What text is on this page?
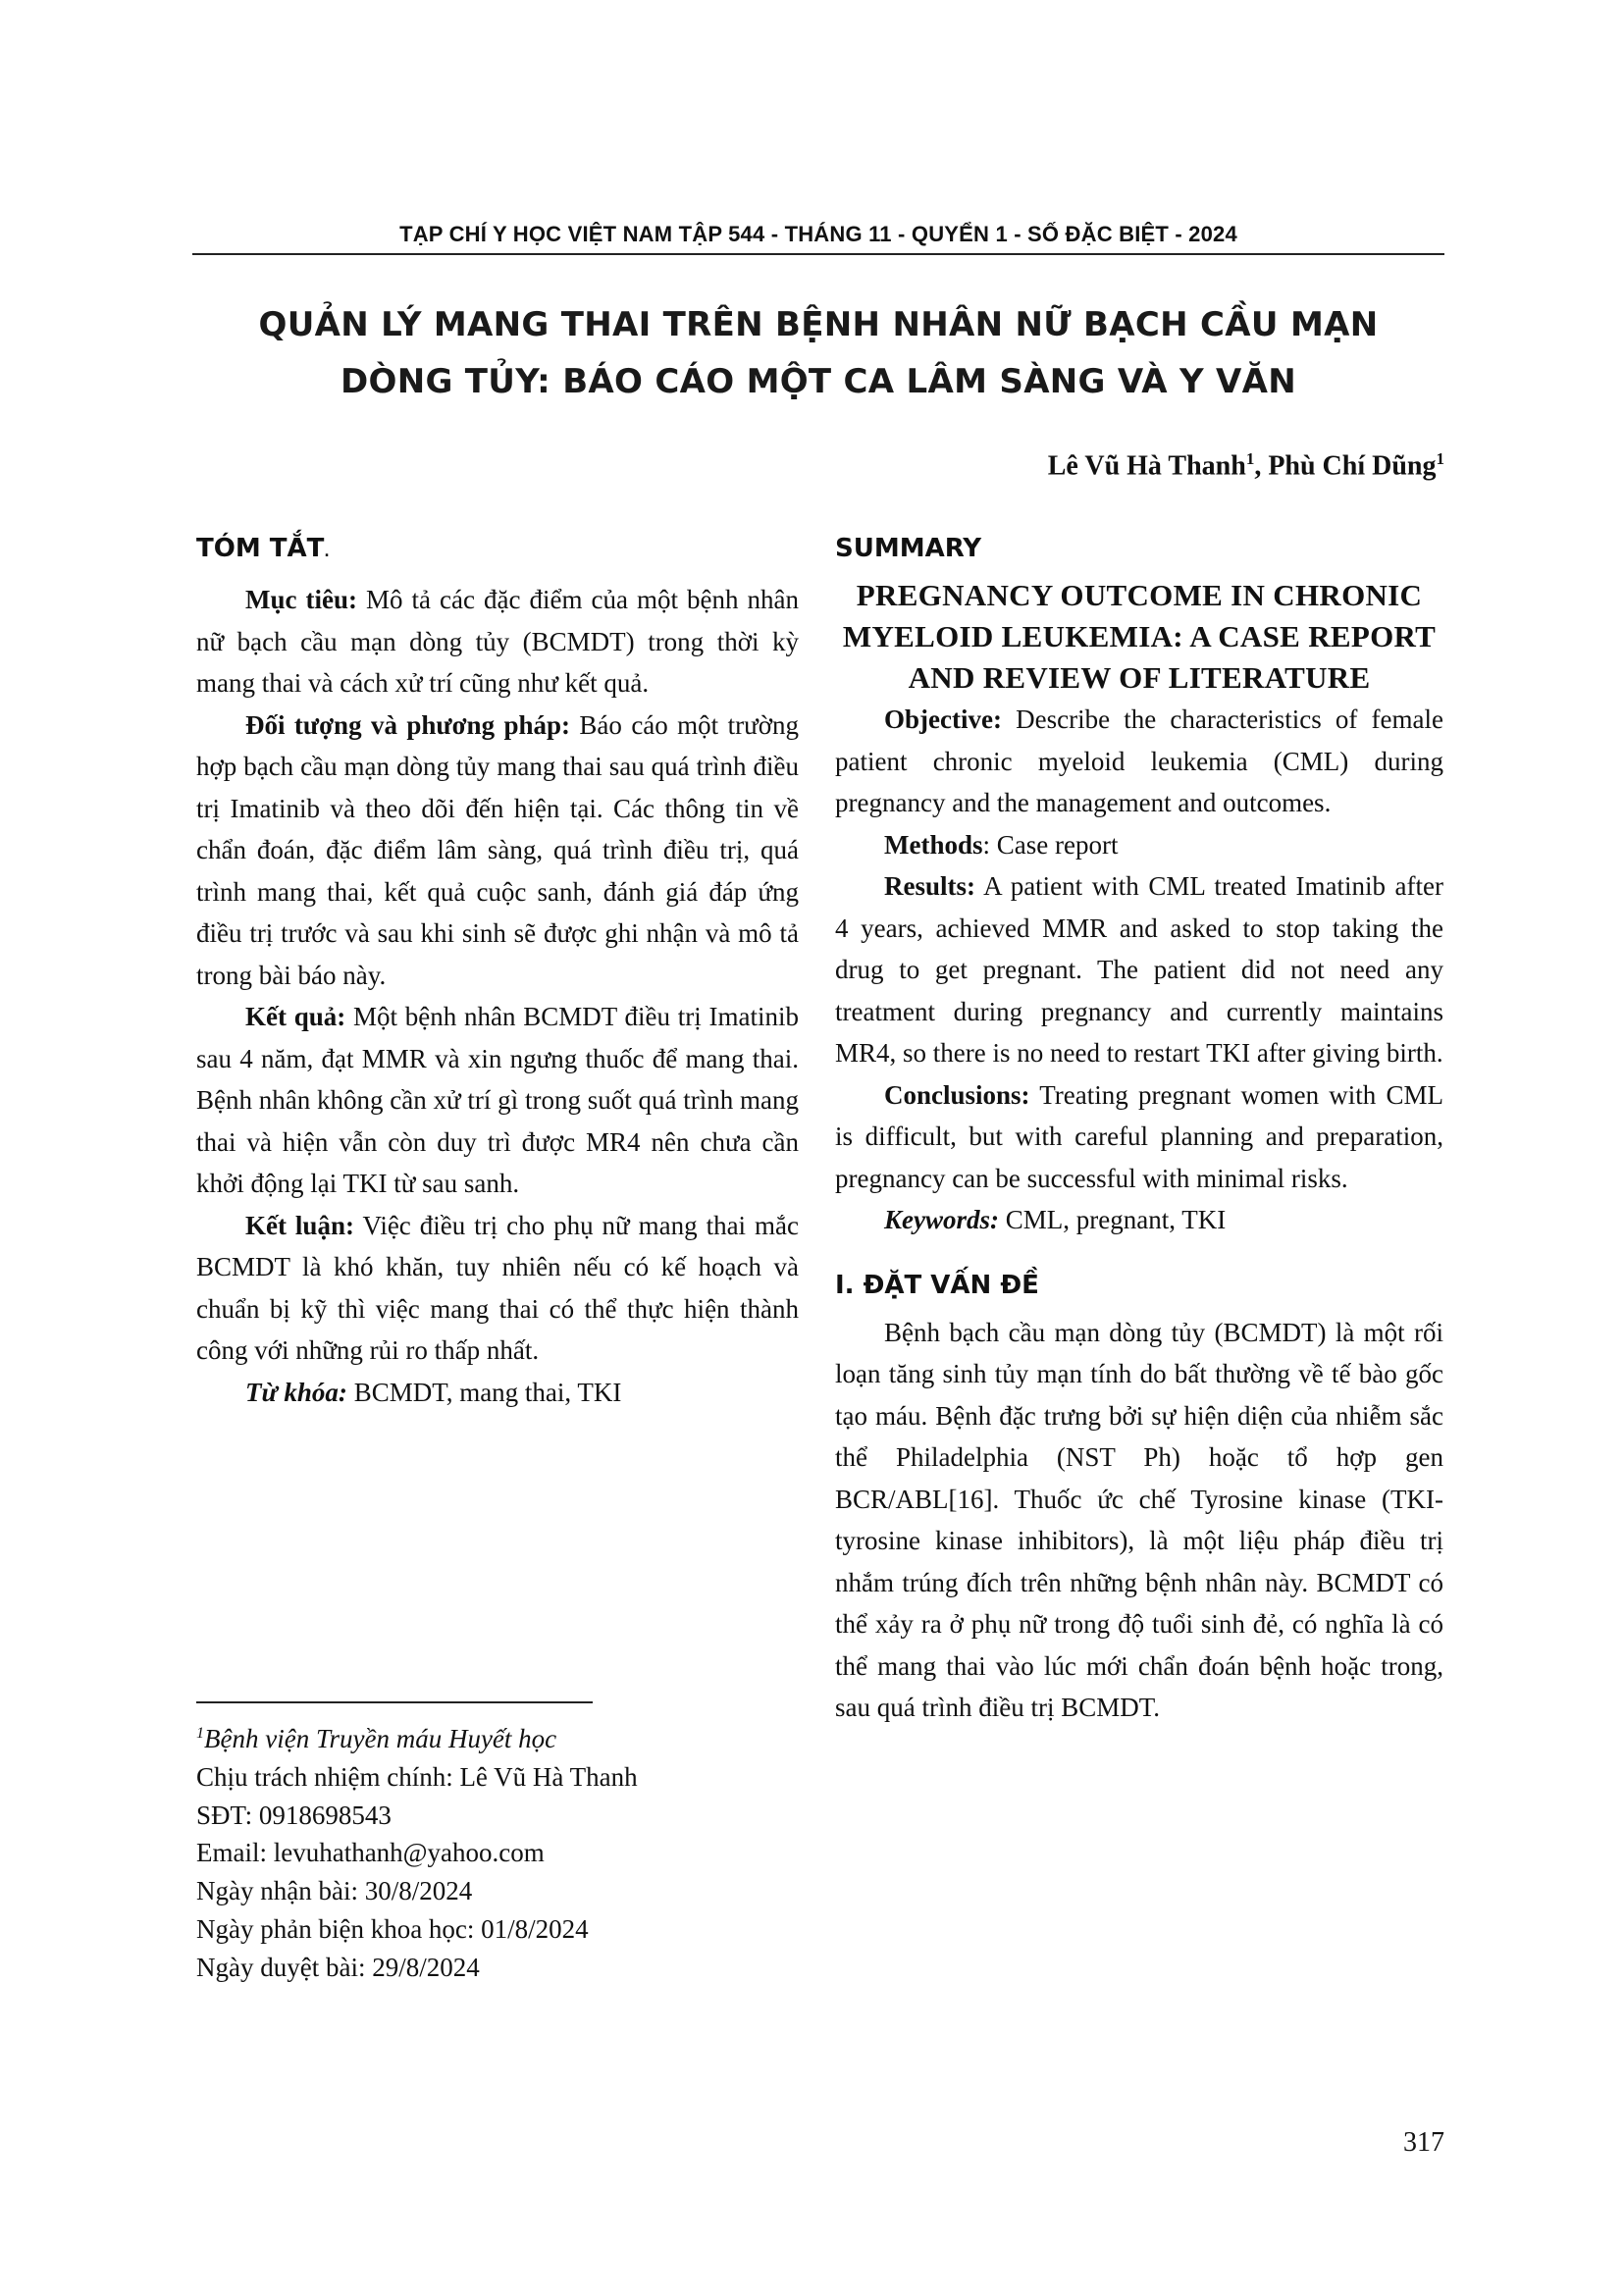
TẠP CHÍ Y HỌC VIỆT NAM TẬP 544 - THÁNG 11 - QUYỂN 1 - SỐ ĐẶC BIỆT - 2024
QUẢN LÝ MANG THAI TRÊN BỆNH NHÂN NỮ BẠCH CẦU MẠN
DÒNG TỦY: BÁO CÁO MỘT CA LÂM SÀNG VÀ Y VĂN
Lê Vũ Hà Thanh$^1$, Phù Chí Dũng$^1$
TÓM TẮT.

Mục tiêu: Mô tả các đặc điểm của một bệnh nhân nữ bạch cầu mạn dòng tủy (BCMDT) trong thời kỳ mang thai và cách xử trí cũng như kết quả.

Đối tượng và phương pháp: Báo cáo một trường hợp bạch cầu mạn dòng tủy mang thai sau quá trình điều trị Imatinib và theo dõi đến hiện tại. Các thông tin về chẩn đoán, đặc điểm lâm sàng, quá trình điều trị, quá trình mang thai, kết quả cuộc sanh, đánh giá đáp ứng điều trị trước và sau khi sinh sẽ được ghi nhận và mô tả trong bài báo này.

Kết quả: Một bệnh nhân BCMDT điều trị Imatinib sau 4 năm, đạt MMR và xin ngưng thuốc để mang thai. Bệnh nhân không cần xử trí gì trong suốt quá trình mang thai và hiện vẫn còn duy trì được MR4 nên chưa cần khởi động lại TKI từ sau sanh.

Kết luận: Việc điều trị cho phụ nữ mang thai mắc BCMDT là khó khăn, tuy nhiên nếu có kế hoạch và chuẩn bị kỹ thì việc mang thai có thể thực hiện thành công với những rủi ro thấp nhất.

Từ khóa: BCMDT, mang thai, TKI

$^1$Bệnh viện Truyền máu Huyết học
Chịu trách nhiệm chính: Lê Vũ Hà Thanh
SĐT: 0918698543
Email: levuhathanh@yahoo.com
Ngày nhận bài: 30/8/2024
Ngày phản biện khoa học: 01/8/2024
Ngày duyệt bài: 29/8/2024
SUMMARY
PREGNANCY OUTCOME IN CHRONIC MYELOID LEUKEMIA: A CASE REPORT AND REVIEW OF LITERATURE

Objective: Describe the characteristics of female patient chronic myeloid leukemia (CML) during pregnancy and the management and outcomes.

Methods: Case report

Results: A patient with CML treated Imatinib after 4 years, achieved MMR and asked to stop taking the drug to get pregnant. The patient did not need any treatment during pregnancy and currently maintains MR4, so there is no need to restart TKI after giving birth.

Conclusions: Treating pregnant women with CML is difficult, but with careful planning and preparation, pregnancy can be successful with minimal risks.

Keywords: CML, pregnant, TKI

I. ĐẶT VẤN ĐỀ

Bệnh bạch cầu mạn dòng tủy (BCMDT) là một rối loạn tăng sinh tủy mạn tính do bất thường về tế bào gốc tạo máu. Bệnh đặc trưng bởi sự hiện diện của nhiễm sắc thể Philadelphia (NST Ph) hoặc tổ hợp gen BCR/ABL[16]. Thuốc ức chế Tyrosine kinase (TKI- tyrosine kinase inhibitors), là một liệu pháp điều trị nhắm trúng đích trên những bệnh nhân này. BCMDT có thể xảy ra ở phụ nữ trong độ tuổi sinh đẻ, có nghĩa là có thể mang thai vào lúc mới chẩn đoán bệnh hoặc trong, sau quá trình điều trị BCMDT.

317
